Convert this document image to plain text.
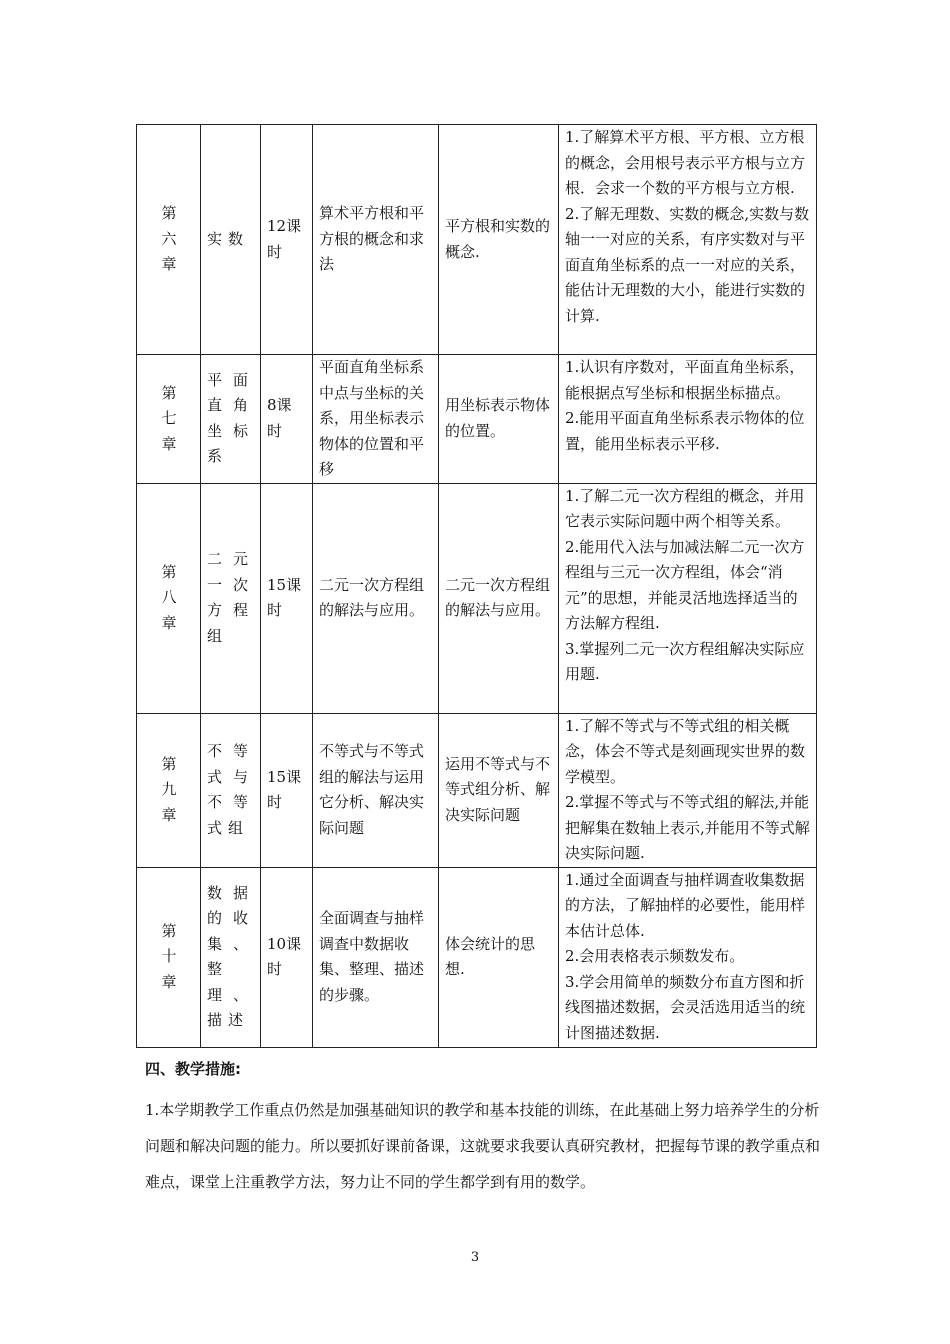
第六章	实数	12课时	算术平方根和平方根的概念和求法	平方根和实数的概念.	1.了解算术平方根、平方根、立方根的概念，会用根号表示平方根与立方根．会求一个数的平方根与立方根.
2.了解无理数、实数的概念,实数与数轴一一对应的关系，有序实数对与平面直角坐标系的点一一对应的关系，能估计无理数的大小，能进行实数的计算.

第七章	平面直角坐标系	8课时	平面直角坐标系中点与坐标的关系，用坐标表示物体的位置和平移	用坐标表示物体的位置。	1.认识有序数对，平面直角坐标系，能根据点写坐标和根据坐标描点。
2.能用平面直角坐标系表示物体的位置，能用坐标表示平移.

第八章	二元一次方程组	15课时	二元一次方程组的解法与应用。	二元一次方程组的解法与应用。	1.了解二元一次方程组的概念，并用它表示实际问题中两个相等关系。
2.能用代入法与加减法解二元一次方程组与三元一次方程组，体会“消元”的思想，并能灵活地选择适当的方法解方程组.
3.掌握列二元一次方程组解决实际应用题.

第九章	不等式与不等式组	15课时	不等式与不等式组的解法与运用它分析、解决实际问题	运用不等式与不等式组分析、解决实际问题	1.了解不等式与不等式组的相关概念，体会不等式是刻画现实世界的数学模型。
2.掌握不等式与不等式组的解法,并能把解集在数轴上表示,并能用不等式解决实际问题.

第十章	数据的收集、整理、描述	10课时	全面调查与抽样调查中数据收集、整理、描述的步骤。	体会统计的思想.	1.通过全面调查与抽样调查收集数据的方法，了解抽样的必要性，能用样本估计总体.
2.会用表格表示频数发布。
3.学会用简单的频数分布直方图和折线图描述数据，会灵活选用适当的统计图描述数据.
四、教学措施:

1.本学期教学工作重点仍然是加强基础知识的教学和基本技能的训练，在此基础上努力培养学生的分析问题和解决问题的能力。所以要抓好课前备课，这就要求我要认真研究教材，把握每节课的教学重点和难点，课堂上注重教学方法，努力让不同的学生都学到有用的数学。

3
